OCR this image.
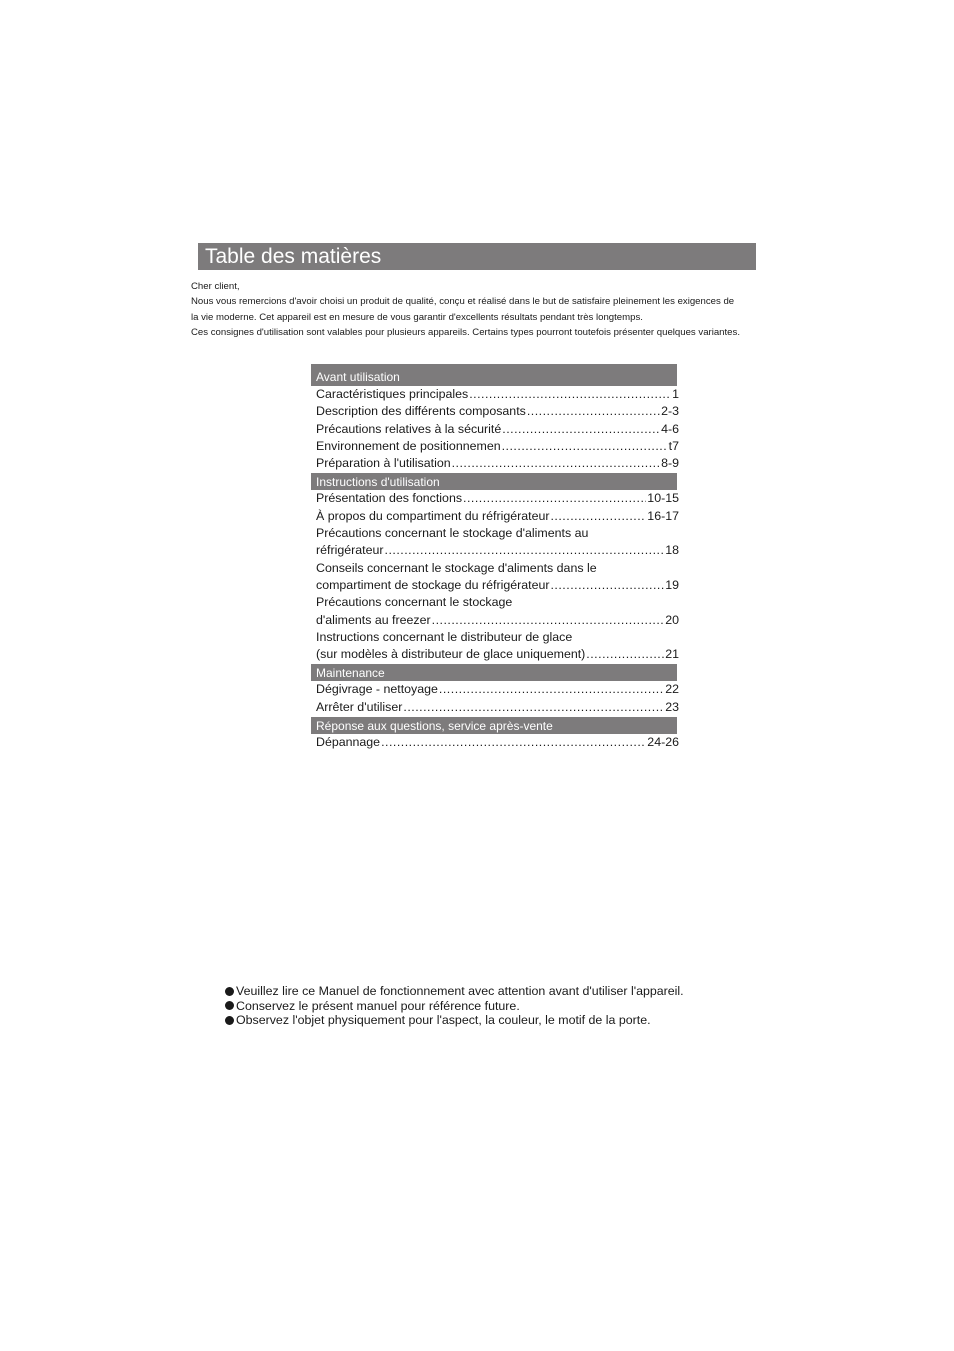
Table des matières

Cher client,

Nous vous remercions d'avoir choisi un produit de qualité, conçu et réalisé dans le but de satisfaire pleinement les exigences de

la vie moderne. Cet appareil est en mesure de vous garantir d'excellents résultats pendant très longtemps.

Ces consignes d'utilisation sont valables pour plusieurs appareils. Certains types pourront toutefois présenter quelques variantes.

Avant utilisation
Caractéristiques principales .....	1
Description des différents composants .....	2-3
Précautions relatives à la sécurité .....	4-6
Environnement de positionnemen .....	t7
Préparation à l'utilisation .....	8-9
Instructions d'utilisation
Présentation des fonctions .....	10-15
À propos du compartiment du réfrigérateur .....	16-17
Précautions concernant le stockage d'aliments au
réfrigérateur .....	18
Conseils concernant le stockage d'aliments dans le
compartiment de stockage du réfrigérateur .....	19
Précautions concernant le stockage
d'aliments au freezer .....	20
Instructions concernant le distributeur de glace
(sur modèles à distributeur de glace uniquement) .....	21
Maintenance
Dégivrage - nettoyage .....	22
Arrêter d'utiliser .....	23
Réponse aux questions, service après-vente
Dépannage .....	24-26
Veuillez lire ce Manuel de fonctionnement avec attention avant d'utiliser l'appareil.
Conservez le présent manuel pour référence future.
Observez l'objet physiquement pour l'aspect, la couleur, le motif de la porte.
